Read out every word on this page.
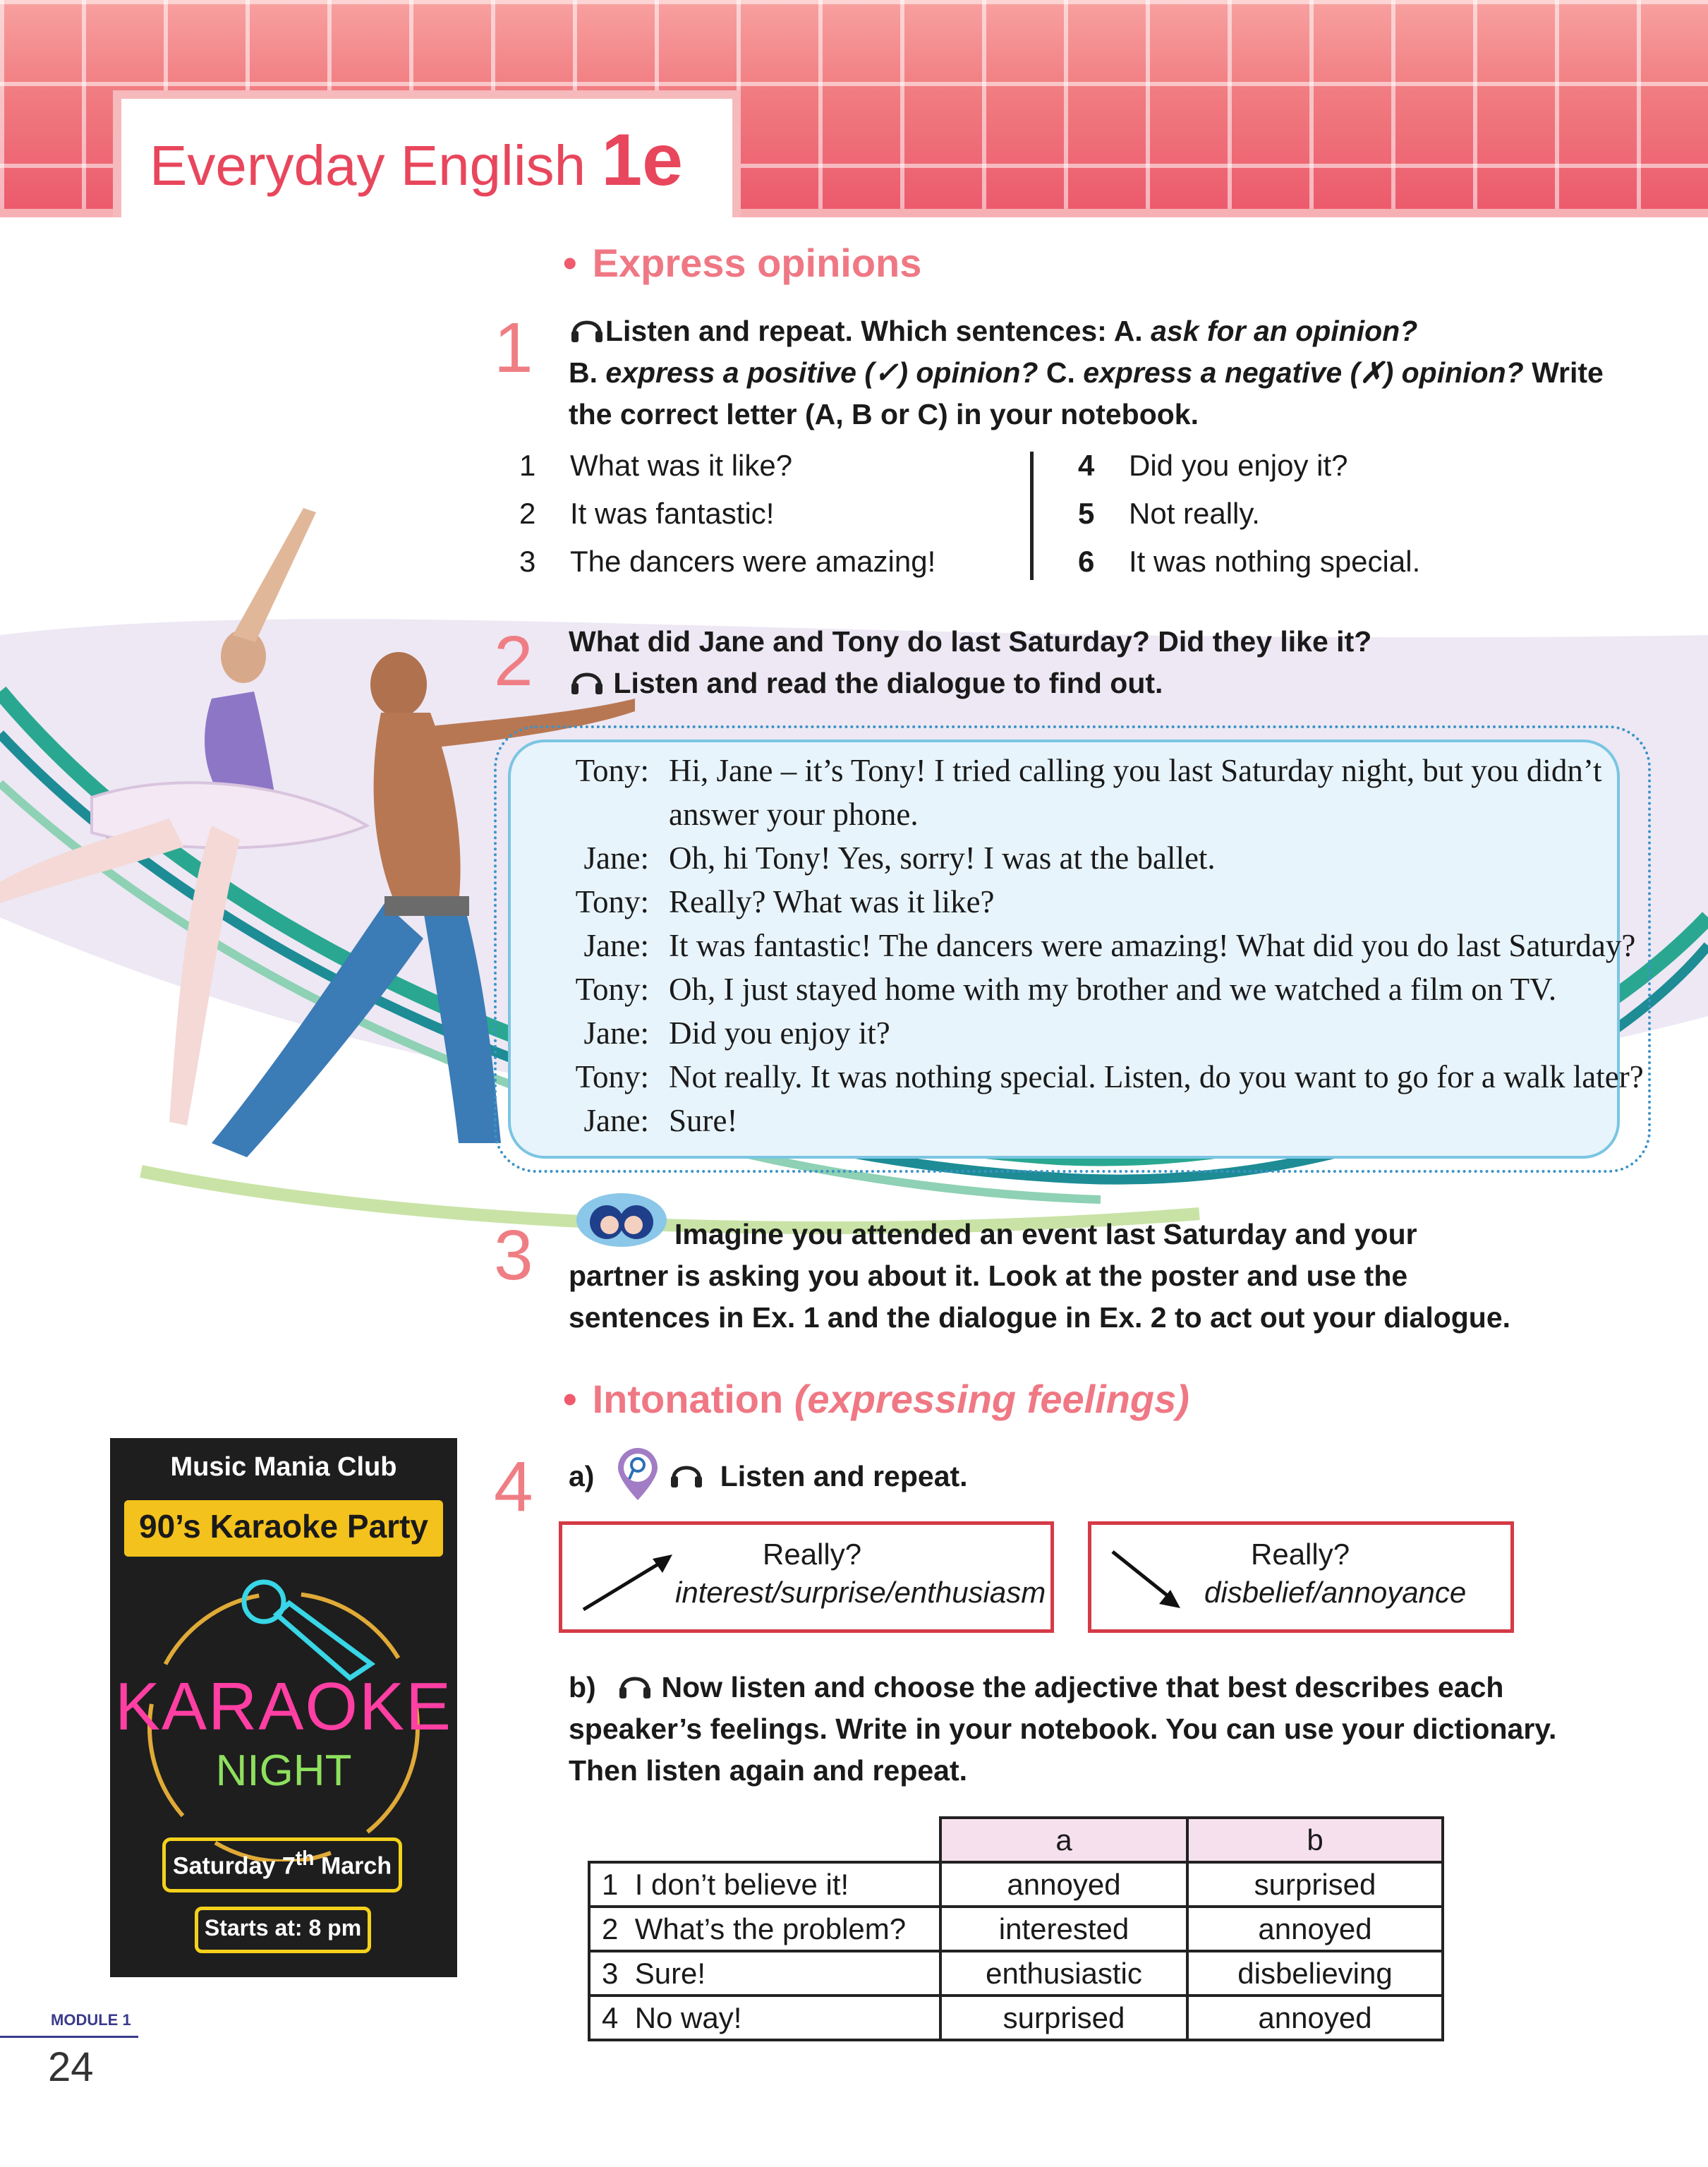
Everyday English 1e
• Express opinions
1	Listen and repeat. Which sentences: A. ask for an opinion?
B. express a positive (✓) opinion? C. express a negative (✗) opinion? Write
the correct letter (A, B or C) in your notebook.
1 What was it like?
2 It was fantastic!
3 The dancers were amazing!
4 Did you enjoy it?
5 Not really.
6 It was nothing special.
2 What did Jane and Tony do last Saturday? Did they like it?
Listen and read the dialogue to find out.
Tony: Hi, Jane – it’s Tony! I tried calling you last Saturday night, but you didn’t
answer your phone.
Jane: Oh, hi Tony! Yes, sorry! I was at the ballet.
Tony: Really? What was it like?
Jane: It was fantastic! The dancers were amazing! What did you do last Saturday?
Tony: Oh, I just stayed home with my brother and we watched a film on TV.
Jane: Did you enjoy it?
Tony: Not really. It was nothing special. Listen, do you want to go for a walk later?
Jane: Sure!
3	Imagine you attended an event last Saturday and your
partner is asking you about it. Look at the poster and use the
sentences in Ex. 1 and the dialogue in Ex. 2 to act out your dialogue.
• Intonation (expressing feelings)
4 a)	Listen and repeat.
Really?
interest/surprise/enthusiasm
Really?
disbelief/annoyance
b) Now listen and choose the adjective that best describes each
speaker’s feelings. Write in your notebook. You can use your dictionary.
Then listen again and repeat.
	a	b
1 I don’t believe it!	annoyed	surprised
2 What’s the problem?	interested	annoyed
3 Sure!	enthusiastic	disbelieving
4 No way!	surprised	annoyed
Music Mania Club
90’s Karaoke Party
KARAOKE
NIGHT
Saturday 7th March
Starts at: 8 pm
MODULE 1
24
